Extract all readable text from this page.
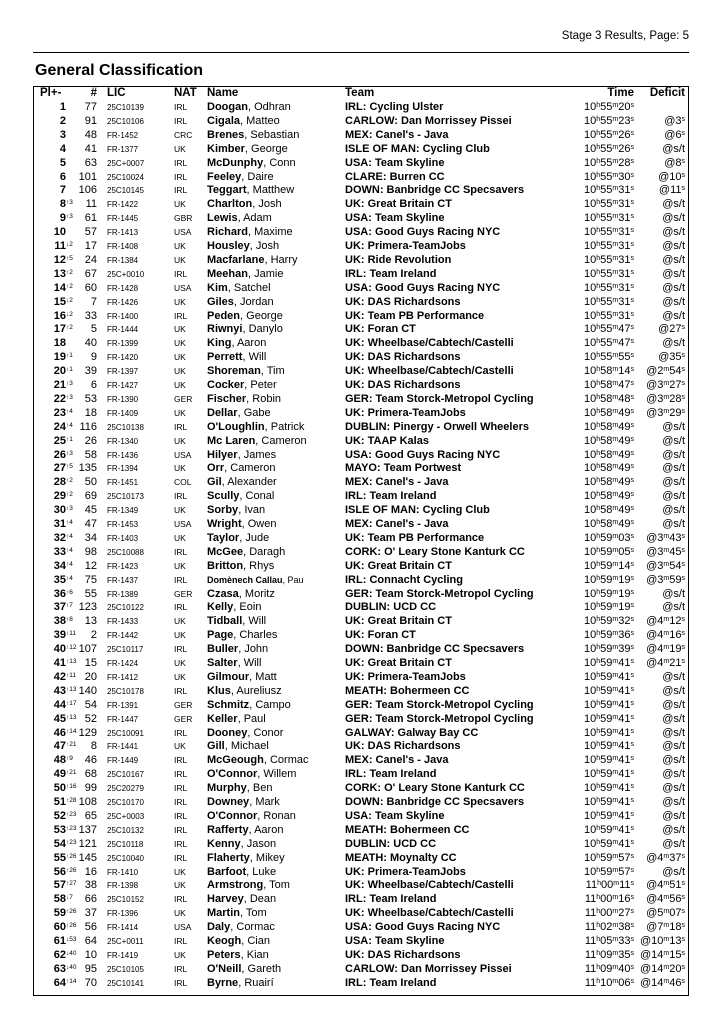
Stage 3 Results, Page: 5
General Classification
Pl+-	# LIC	NAT Name	Team	Time	Deficit
1	77 25C10139	IRL Doogan, Odhran	IRL: Cycling Ulster	10$^h$55$^m$20$^s$
2	91 25C10106	IRL Cigala, Matteo	CARLOW: Dan Morrissey Pissei	10$^h$55$^m$23$^s$	@3$^s$
3	48 FR-1452	CRC Brenes, Sebastian	MEX: Canel's - Java	10$^h$55$^m$26$^s$	@6$^s$
4	41 FR-1377	UK Kimber, George	ISLE OF MAN: Cycling Club	10$^h$55$^m$26$^s$	@s/t
5	63 25C+0007	IRL McDunphy, Conn	USA: Team Skyline	10$^h$55$^m$28$^s$	@8$^s$
6	101 25C10024	IRL Feeley, Daire	CLARE: Burren CC	10$^h$55$^m$30$^s$	@10$^s$
7	106 25C10145	IRL Teggart, Matthew	DOWN: Banbridge CC Specsavers	10$^h$55$^m$31$^s$	@11$^s$
8 ↑3	11 FR-1422	UK Charlton, Josh	UK: Great Britain CT	10$^h$55$^m$31$^s$	@s/t
9 ↑3	61 FR-1445	GBR Lewis, Adam	USA: Team Skyline	10$^h$55$^m$31$^s$	@s/t
10	57 FR-1413	USA Richard, Maxime	USA: Good Guys Racing NYC	10$^h$55$^m$31$^s$	@s/t
11 ↓2	17 FR-1408	UK Housley, Josh	UK: Primera-TeamJobs	10$^h$55$^m$31$^s$	@s/t
12 ↑5	24 FR-1384	UK Macfarlane, Harry	UK: Ride Revolution	10$^h$55$^m$31$^s$	@s/t
13 ↑2	67 25C+0010	IRL Meehan, Jamie	IRL: Team Ireland	10$^h$55$^m$31$^s$	@s/t
14 ↑2	60 FR-1428	USA Kim, Satchel	USA: Good Guys Racing NYC	10$^h$55$^m$31$^s$	@s/t
15 ↓2	7 FR-1426	UK Giles, Jordan	UK: DAS Richardsons	10$^h$55$^m$31$^s$	@s/t
16 ↓2	33 FR-1400	IRL Peden, George	UK: Team PB Performance	10$^h$55$^m$31$^s$	@s/t
17 ↑2	5 FR-1444	UK Riwnyi, Danylo	UK: Foran CT	10$^h$55$^m$47$^s$	@27$^s$
18	40 FR-1399	UK King, Aaron	UK: Wheelbase/Cabtech/Castelli	10$^h$55$^m$47$^s$	@s/t
19 ↑1	9 FR-1420	UK Perrett, Will	UK: DAS Richardsons	10$^h$55$^m$55$^s$	@35$^s$
20 ↑1	39 FR-1397	UK Shoreman, Tim	UK: Wheelbase/Cabtech/Castelli	10$^h$58$^m$14$^s$	@2$^m$54$^s$
21 ↑3	6 FR-1427	UK Cocker, Peter	UK: DAS Richardsons	10$^h$58$^m$47$^s$	@3$^m$27$^s$
22 ↑3	53 FR-1390	GER Fischer, Robin	GER: Team Storck-Metropol Cycling	10$^h$58$^m$48$^s$	@3$^m$28$^s$
23 ↑4	18 FR-1409	UK Dellar, Gabe	UK: Primera-TeamJobs	10$^h$58$^m$49$^s$	@3$^m$29$^s$
24 ↑4 116 25C10138	IRL O'Loughlin, Patrick	DUBLIN: Pinergy - Orwell Wheelers	10$^h$58$^m$49$^s$	@s/t
25 ↑1	26 FR-1340	UK Mc Laren, Cameron	UK: TAAP Kalas	10$^h$58$^m$49$^s$	@s/t
26 ↑3	58 FR-1436	USA Hilyer, James	USA: Good Guys Racing NYC	10$^h$58$^m$49$^s$	@s/t
27 ↑5 135 FR-1394	UK Orr, Cameron	MAYO: Team Portwest	10$^h$58$^m$49$^s$	@s/t
28 ↑2	50 FR-1451	COL Gil, Alexander	MEX: Canel's - Java	10$^h$58$^m$49$^s$	@s/t
29 ↑2	69 25C10173	IRL Scully, Conal	IRL: Team Ireland	10$^h$58$^m$49$^s$	@s/t
30 ↑3	45 FR-1349	UK Sorby, Ivan	ISLE OF MAN: Cycling Club	10$^h$58$^m$49$^s$	@s/t
31 ↑4	47 FR-1453	USA Wright, Owen	MEX: Canel's - Java	10$^h$58$^m$49$^s$	@s/t
32 ↑4	34 FR-1403	UK Taylor, Jude	UK: Team PB Performance	10$^h$59$^m$03$^s$	@3$^m$43$^s$
33 ↑4	98 25C10088	IRL McGee, Daragh	CORK: O' Leary Stone Kanturk CC	10$^h$59$^m$05$^s$	@3$^m$45$^s$
34 ↑4	12 FR-1423	UK Britton, Rhys	UK: Great Britain CT	10$^h$59$^m$14$^s$	@3$^m$54$^s$
35 ↑4	75 FR-1437	IRL Domènech Callau, Pau	IRL: Connacht Cycling	10$^h$59$^m$19$^s$	@3$^m$59$^s$
36 ↑6	55 FR-1389	GER Czasa, Moritz	GER: Team Storck-Metropol Cycling	10$^h$59$^m$19$^s$	@s/t
37 ↑7 123 25C10122	IRL Kelly, Eoin	DUBLIN: UCD CC	10$^h$59$^m$19$^s$	@s/t
38 ↑8	13 FR-1433	UK Tidball, Will	UK: Great Britain CT	10$^h$59$^m$32$^s$	@4$^m$12$^s$
39 ↑11	2 FR-1442	UK Page, Charles	UK: Foran CT	10$^h$59$^m$36$^s$	@4$^m$16$^s$
40 ↑12 107 25C10117	IRL Buller, John	DOWN: Banbridge CC Specsavers	10$^h$59$^m$39$^s$	@4$^m$19$^s$
41 ↑13 15 FR-1424	UK Salter, Will	UK: Great Britain CT	10$^h$59$^m$41$^s$	@4$^m$21$^s$
42 ↑11 20 FR-1412	UK Gilmour, Matt	UK: Primera-TeamJobs	10$^h$59$^m$41$^s$	@s/t
43 ↑13 140 25C10178	IRL Klus, Aureliusz	MEATH: Bohermeen CC	10$^h$59$^m$41$^s$	@s/t
44 ↑17 54 FR-1391	GER Schmitz, Campo	GER: Team Storck-Metropol Cycling	10$^h$59$^m$41$^s$	@s/t
45 ↑13 52 FR-1447	GER Keller, Paul	GER: Team Storck-Metropol Cycling	10$^h$59$^m$41$^s$	@s/t
46 ↑14 129 25C10091	IRL Dooney, Conor	GALWAY: Galway Bay CC	10$^h$59$^m$41$^s$	@s/t
47 ↑21	8 FR-1441	UK Gill, Michael	UK: DAS Richardsons	10$^h$59$^m$41$^s$	@s/t
48 ↑9	46 FR-1449	IRL McGeough, Cormac	MEX: Canel's - Java	10$^h$59$^m$41$^s$	@s/t
49 ↑21 68 25C10167	IRL O'Connor, Willem	IRL: Team Ireland	10$^h$59$^m$41$^s$	@s/t
50 ↑16 99 25C20279	IRL Murphy, Ben	CORK: O' Leary Stone Kanturk CC	10$^h$59$^m$41$^s$	@s/t
51 ↑28 108 25C10170	IRL Downey, Mark	DOWN: Banbridge CC Specsavers	10$^h$59$^m$41$^s$	@s/t
52 ↑23 65 25C+0003	IRL O'Connor, Ronan	USA: Team Skyline	10$^h$59$^m$41$^s$	@s/t
53 ↑23 137 25C10132	IRL Rafferty, Aaron	MEATH: Bohermeen CC	10$^h$59$^m$41$^s$	@s/t
54 ↑23 121 25C10118	IRL Kenny, Jason	DUBLIN: UCD CC	10$^h$59$^m$41$^s$	@s/t
55 ↑26 145 25C10040	IRL Flaherty, Mikey	MEATH: Moynalty CC	10$^h$59$^m$57$^s$	@4$^m$37$^s$
56 ↑26 16 FR-1410	UK Barfoot, Luke	UK: Primera-TeamJobs	10$^h$59$^m$57$^s$	@s/t
57 ↑27 38 FR-1398	UK Armstrong, Tom	UK: Wheelbase/Cabtech/Castelli	11$^h$00$^m$11$^s$	@4$^m$51$^s$
58 ↓7	66 25C10152	IRL Harvey, Dean	IRL: Team Ireland	11$^h$00$^m$16$^s$	@4$^m$56$^s$
59 ↑26 37 FR-1396	UK Martin, Tom	UK: Wheelbase/Cabtech/Castelli	11$^h$00$^m$27$^s$	@5$^m$07$^s$
60 ↑26 56 FR-1414	USA Daly, Cormac	USA: Good Guys Racing NYC	11$^h$02$^m$38$^s$	@7$^m$18$^s$
61 ↓53 64 25C+0011	IRL Keogh, Cian	USA: Team Skyline	11$^h$05$^m$33$^s$ @10$^m$13$^s$
62 ↓40 10 FR-1419	UK Peters, Kian	UK: DAS Richardsons	11$^h$09$^m$35$^s$ @14$^m$15$^s$
63 ↓40 95 25C10105	IRL O'Neill, Gareth	CARLOW: Dan Morrissey Pissei	11$^h$09$^m$40$^s$ @14$^m$20$^s$
64 ↑14 70 25C10141	IRL Byrne, Ruairí	IRL: Team Ireland	11$^h$10$^m$06$^s$ @14$^m$46$^s$
